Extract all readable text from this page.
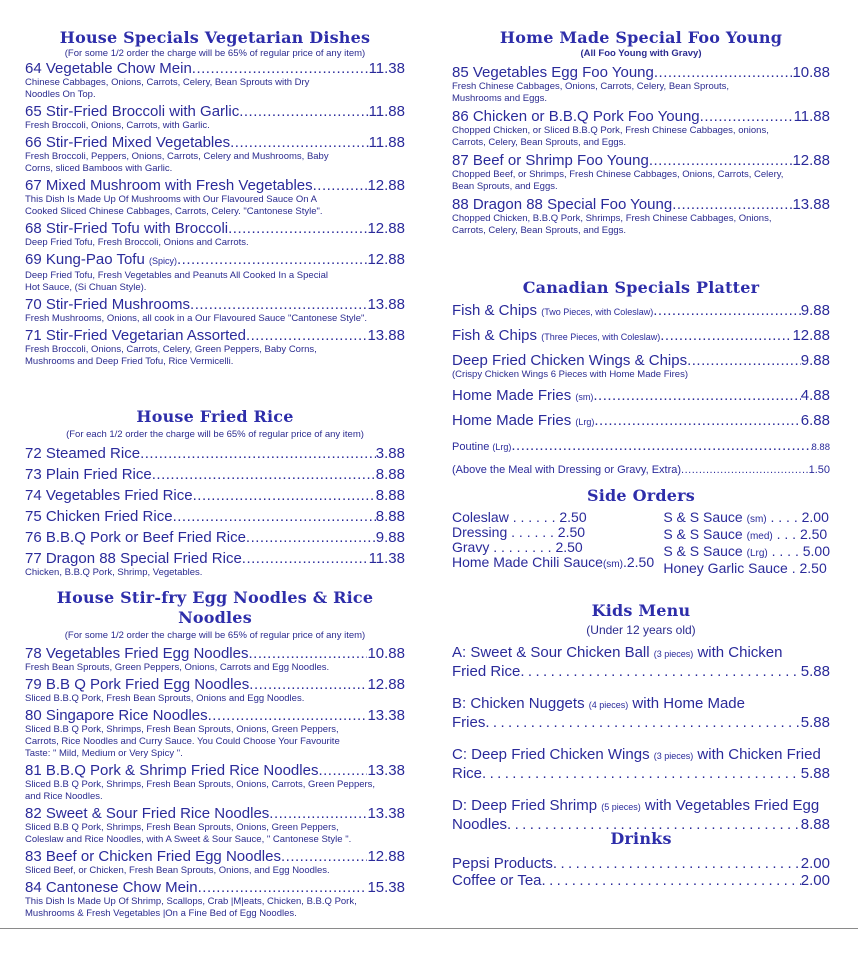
House Specials Vegetarian Dishes
(For some 1/2 order the charge will be 65% of regular price of any item)
64 Vegetable Chow Mein .....	11.38
Chinese Cabbages, Onions, Carrots, Celery, Bean Sprouts with Dry
Noodles On Top.
65 Stir-Fried Broccoli with Garlic .....	11.88
Fresh Broccoli, Onions, Carrots, with Garlic.
66 Stir-Fried Mixed Vegetables .....	11.88
Fresh Broccoli, Peppers, Onions, Carrots, Celery and Mushrooms, Baby
Corns, sliced Bamboos with Garlic.
67 Mixed Mushroom with Fresh Vegetables .....	12.88
This Dish Is Made Up Of Mushrooms with Our Flavoured Sauce On A
Cooked Sliced Chinese Cabbages, Carrots, Celery. "Cantonese Style".
68 Stir-Fried Tofu with Broccoli .....	12.88
Deep Fried Tofu, Fresh Broccoli, Onions and Carrots.
69 Kung-Pao Tofu (Spicy) .....	12.88
Deep Fried Tofu, Fresh Vegetables and Peanuts All Cooked In a Special
Hot Sauce, (Si Chuan Style).
70 Stir-Fried Mushrooms .....	13.88
Fresh Mushrooms, Onions, all cook in a Our Flavoured Sauce "Cantonese Style".
71 Stir-Fried Vegetarian Assorted .....	13.88
Fresh Broccoli, Onions, Carrots, Celery, Green Peppers, Baby Corns,
Mushrooms and Deep Fried Tofu, Rice Vermicelli.
House Fried Rice
(For each 1/2 order the charge will be 65% of regular price of any item)
72 Steamed Rice .....	3.88
73 Plain Fried Rice .....	8.88
74 Vegetables Fried Rice .....	8.88
75 Chicken Fried Rice .....	8.88
76 B.B.Q Pork or Beef Fried Rice .....	9.88
77 Dragon 88 Special Fried Rice .....	11.38
Chicken, B.B.Q Pork, Shrimp, Vegetables.
House Stir-fry Egg Noodles & Rice Noodles
(For some 1/2 order the charge will be 65% of regular price of any item)
78 Vegetables Fried Egg Noodles .....	10.88
Fresh Bean Sprouts, Green Peppers, Onions, Carrots and Egg Noodles.
79 B.B Q Pork Fried Egg Noodles .....	12.88
Sliced B.B.Q Pork, Fresh Bean Sprouts, Onions and Egg Noodles.
80 Singapore Rice Noodles .....	13.38
Sliced B.B Q Pork, Shrimps, Fresh Bean Sprouts, Onions, Green Peppers,
Carrots, Rice Noodles and Curry Sauce. You Could Choose Your Favourite
Taste: " Mild, Medium or Very Spicy ".
81 B.B.Q Pork & Shrimp Fried Rice Noodles .....	13.38
Sliced B.B Q Pork, Shrimps, Fresh Bean Sprouts, Onions, Carrots, Green Peppers,
and Rice Noodles.
82 Sweet & Sour Fried Rice Noodles .....	13.38
Sliced B.B Q Pork, Shrimps, Fresh Bean Sprouts, Onions, Green Peppers,
Coleslaw and Rice Noodles, with A Sweet & Sour Sauce, " Cantonese Style ".
83 Beef or Chicken Fried Egg Noodles .....	12.88
Sliced Beef, or Chicken, Fresh Bean Sprouts, Onions, and Egg Noodles.
84 Cantonese Chow Mein .....	15.38
This Dish Is Made Up Of Shrimp, Scallops, Crab |M|eats, Chicken, B.B.Q Pork,
Mushrooms & Fresh Vegetables |On a Fine Bed of Egg Noodles.
Home Made Special Foo Young
(All Foo Young with Gravy)
85 Vegetables Egg Foo Young .....	10.88
Fresh Chinese Cabbages, Onions, Carrots, Celery, Bean Sprouts,
Mushrooms and Eggs.
86 Chicken or B.B.Q Pork Foo Young .....	11.88
Chopped Chicken, or Sliced B.B.Q Pork, Fresh Chinese Cabbages, onions,
Carrots, Celery, Bean Sprouts, and Eggs.
87 Beef or Shrimp Foo Young .....	12.88
Chopped Beef, or Shrimps, Fresh Chinese Cabbages, Onions, Carrots, Celery,
Bean Sprouts, and Eggs.
88 Dragon 88 Special Foo Young .....	13.88
Chopped Chicken, B.B.Q Pork, Shrimps, Fresh Chinese Cabbages, Onions,
Carrots, Celery, Bean Sprouts, and Eggs.
Canadian Specials Platter
Fish & Chips (Two Pieces, with Coleslaw) .....	9.88
Fish & Chips (Three Pieces, with Coleslaw) .....	12.88
Deep Fried Chicken Wings & Chips .....	9.88
(Crispy Chicken Wings 6 Pieces with Home Made Fires)
Home Made Fries (sm) .....	4.88
Home Made Fries (Lrg) .....	6.88
Poutine (Lrg) .....	8.88
(Above the Meal with Dressing or Gravy, Extra) .....	1.50
Side Orders
Coleslaw . . . . . . 2.50
Dressing . . . . . . 2.50
Gravy . . . . . . . . 2.50
Home Made Chili Sauce(sm).2.50
S & S Sauce (sm) . . . . 2.00
S & S Sauce (med) . . . 2.50
S & S Sauce (Lrg) . . . . 5.00
Honey Garlic Sauce . 2.50
Kids Menu
(Under 12 years old)
A: Sweet & Sour Chicken Ball (3 pieces) with Chicken
Fried Rice .....	5.88
B: Chicken Nuggets (4 pieces) with Home Made
Fries .....	5.88
C: Deep Fried Chicken Wings (3 pieces) with Chicken Fried
Rice .....	5.88
D: Deep Fried Shrimp (5 pieces) with Vegetables Fried Egg
Noodles .....	8.88
Drinks
Pepsi Products .....	2.00
Coffee or Tea .....	2.00
